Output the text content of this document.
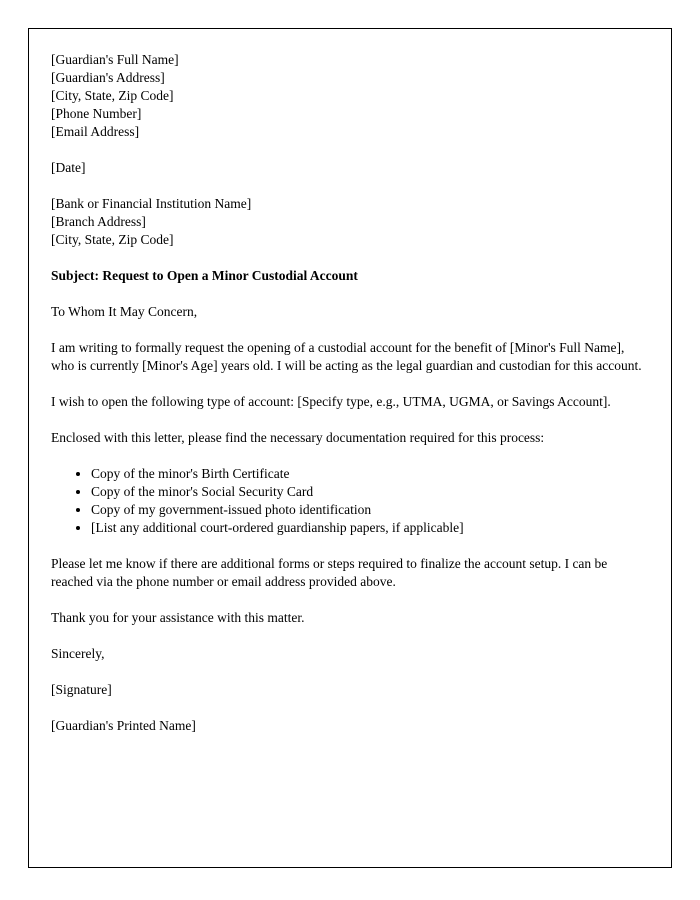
[Guardian's Full Name]
[Guardian's Address]
[City, State, Zip Code]
[Phone Number]
[Email Address]
[Date]
[Bank or Financial Institution Name]
[Branch Address]
[City, State, Zip Code]
Subject: Request to Open a Minor Custodial Account
To Whom It May Concern,
I am writing to formally request the opening of a custodial account for the benefit of [Minor's Full Name], who is currently [Minor's Age] years old. I will be acting as the legal guardian and custodian for this account.
I wish to open the following type of account: [Specify type, e.g., UTMA, UGMA, or Savings Account].
Enclosed with this letter, please find the necessary documentation required for this process:
• Copy of the minor's Birth Certificate
• Copy of the minor's Social Security Card
• Copy of my government-issued photo identification
• [List any additional court-ordered guardianship papers, if applicable]
Please let me know if there are additional forms or steps required to finalize the account setup. I can be reached via the phone number or email address provided above.
Thank you for your assistance with this matter.
Sincerely,
[Signature]
[Guardian's Printed Name]
